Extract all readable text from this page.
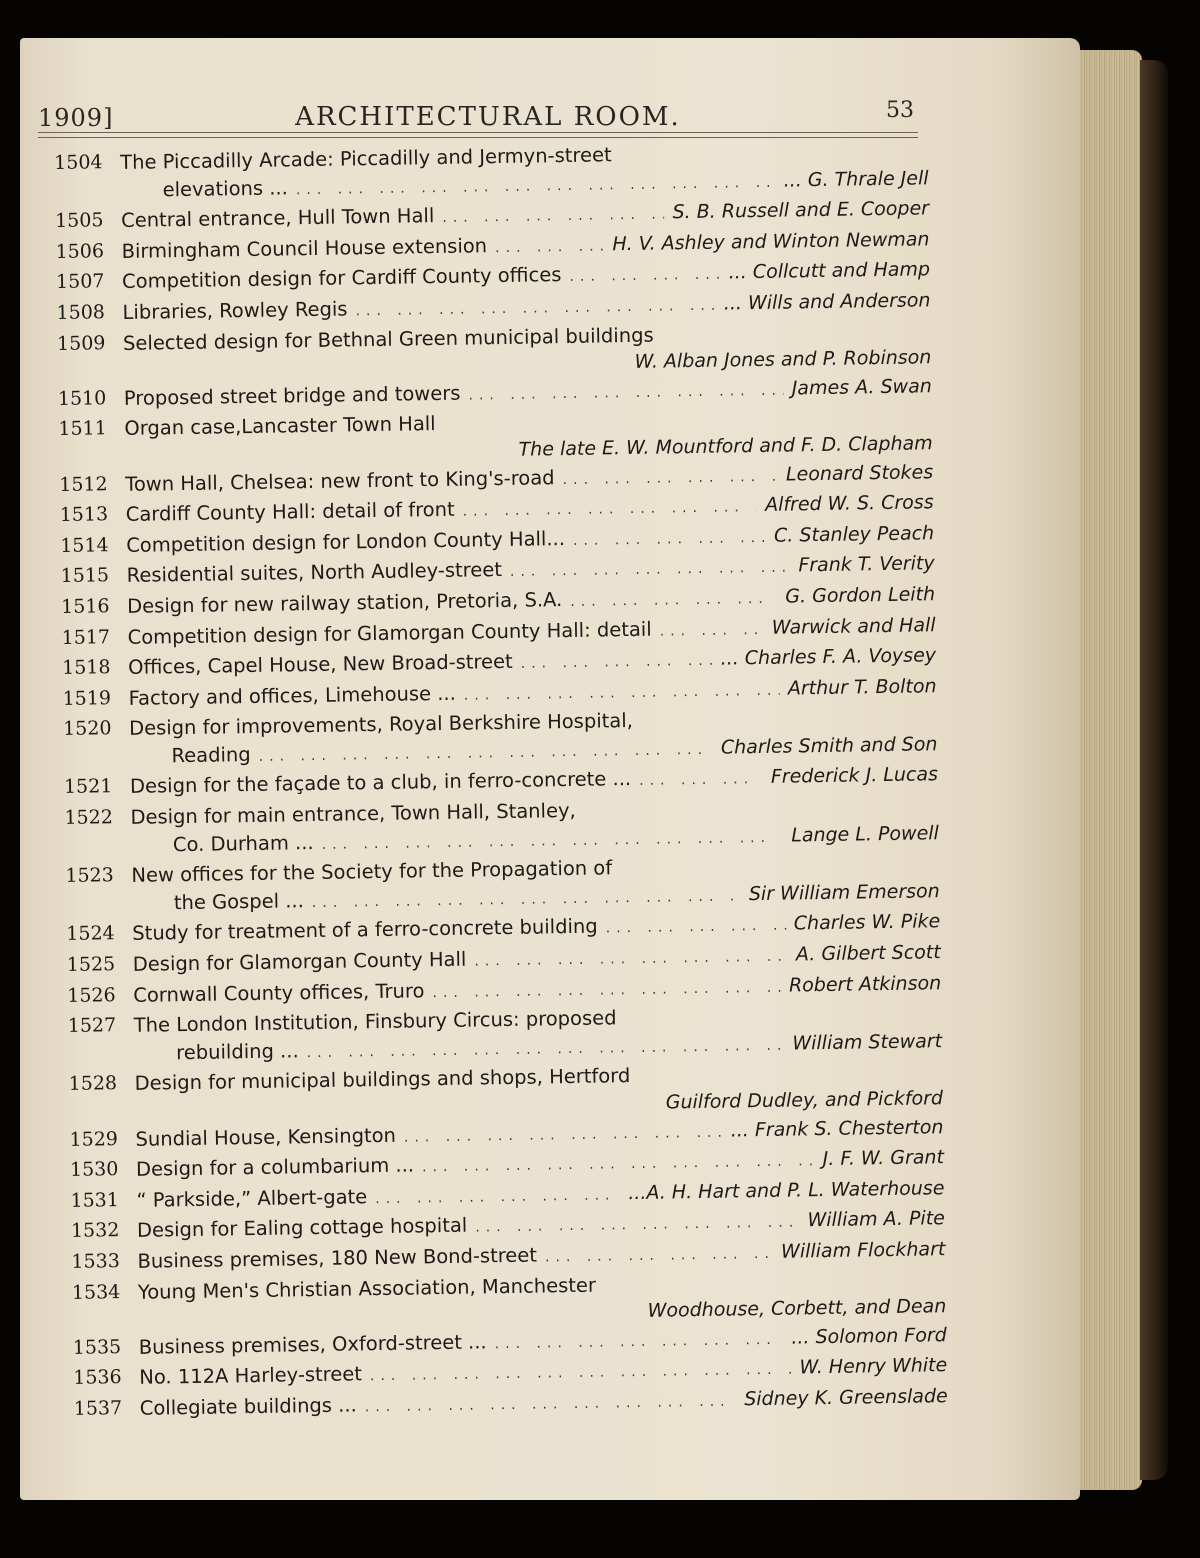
1909]	ARCHITECTURAL ROOM.	53
1504 The Piccadilly Arcade: Piccadilly and Jermyn-street
elevations ... ... .	... G. Thrale Jell
1505 Central entrance, Hull Town Hall ... .	S. B. Russell and E. Cooper
1506 Birmingham Council House extension ... .	H. V. Ashley and Winton Newman
1507 Competition design for Cardiff County offices ... .	... Collcutt and Hamp
1508 Libraries, Rowley Regis ... .	... Wills and Anderson
1509 Selected design for Bethnal Green municipal buildings
W. Alban Jones and P. Robinson
1510 Proposed street bridge and towers ... .	James A. Swan
1511 Organ case,Lancaster Town Hall
The late E. W. Mountford and F. D. Clapham
1512 Town Hall, Chelsea: new front to King's-road ... .	Leonard Stokes
1513 Cardiff County Hall: detail of front ... .	Alfred W. S. Cross
1514 Competition design for London County Hall... ... .	C. Stanley Peach
1515 Residential suites, North Audley-street ... .	Frank T. Verity
1516 Design for new railway station, Pretoria, S.A. ... .	G. Gordon Leith
1517 Competition design for Glamorgan County Hall: detail ... .	Warwick and Hall
1518 Offices, Capel House, New Broad-street ... .	... Charles F. A. Voysey
1519 Factory and offices, Limehouse ... ... .	Arthur T. Bolton
1520 Design for improvements, Royal Berkshire Hospital,
Reading ... .	Charles Smith and Son
1521 Design for the façade to a club, in ferro-concrete ... ... .	Frederick J. Lucas
1522 Design for main entrance, Town Hall, Stanley,
Co. Durham ... ... .	Lange L. Powell
1523 New offices for the Society for the Propagation of
the Gospel ... ... .	Sir William Emerson
1524 Study for treatment of a ferro-concrete building ... .	Charles W. Pike
1525 Design for Glamorgan County Hall ... .	A. Gilbert Scott
1526 Cornwall County offices, Truro ... .	Robert Atkinson
1527 The London Institution, Finsbury Circus: proposed
rebuilding ... ... .	William Stewart
1528 Design for municipal buildings and shops, Hertford
Guilford Dudley, and Pickford
1529 Sundial House, Kensington ... .	... Frank S. Chesterton
1530 Design for a columbarium ... ... .	J. F. W. Grant
1531 “ Parkside,” Albert-gate ... .	...A. H. Hart and P. L. Waterhouse
1532 Design for Ealing cottage hospital ... .	William A. Pite
1533 Business premises, 180 New Bond-street ... .	William Flockhart
1534 Young Men's Christian Association, Manchester
Woodhouse, Corbett, and Dean
1535 Business premises, Oxford-street ... ... .	... Solomon Ford
1536 No. 112A Harley-street ... .	W. Henry White
1537 Collegiate buildings ... ... .	Sidney K. Greenslade
